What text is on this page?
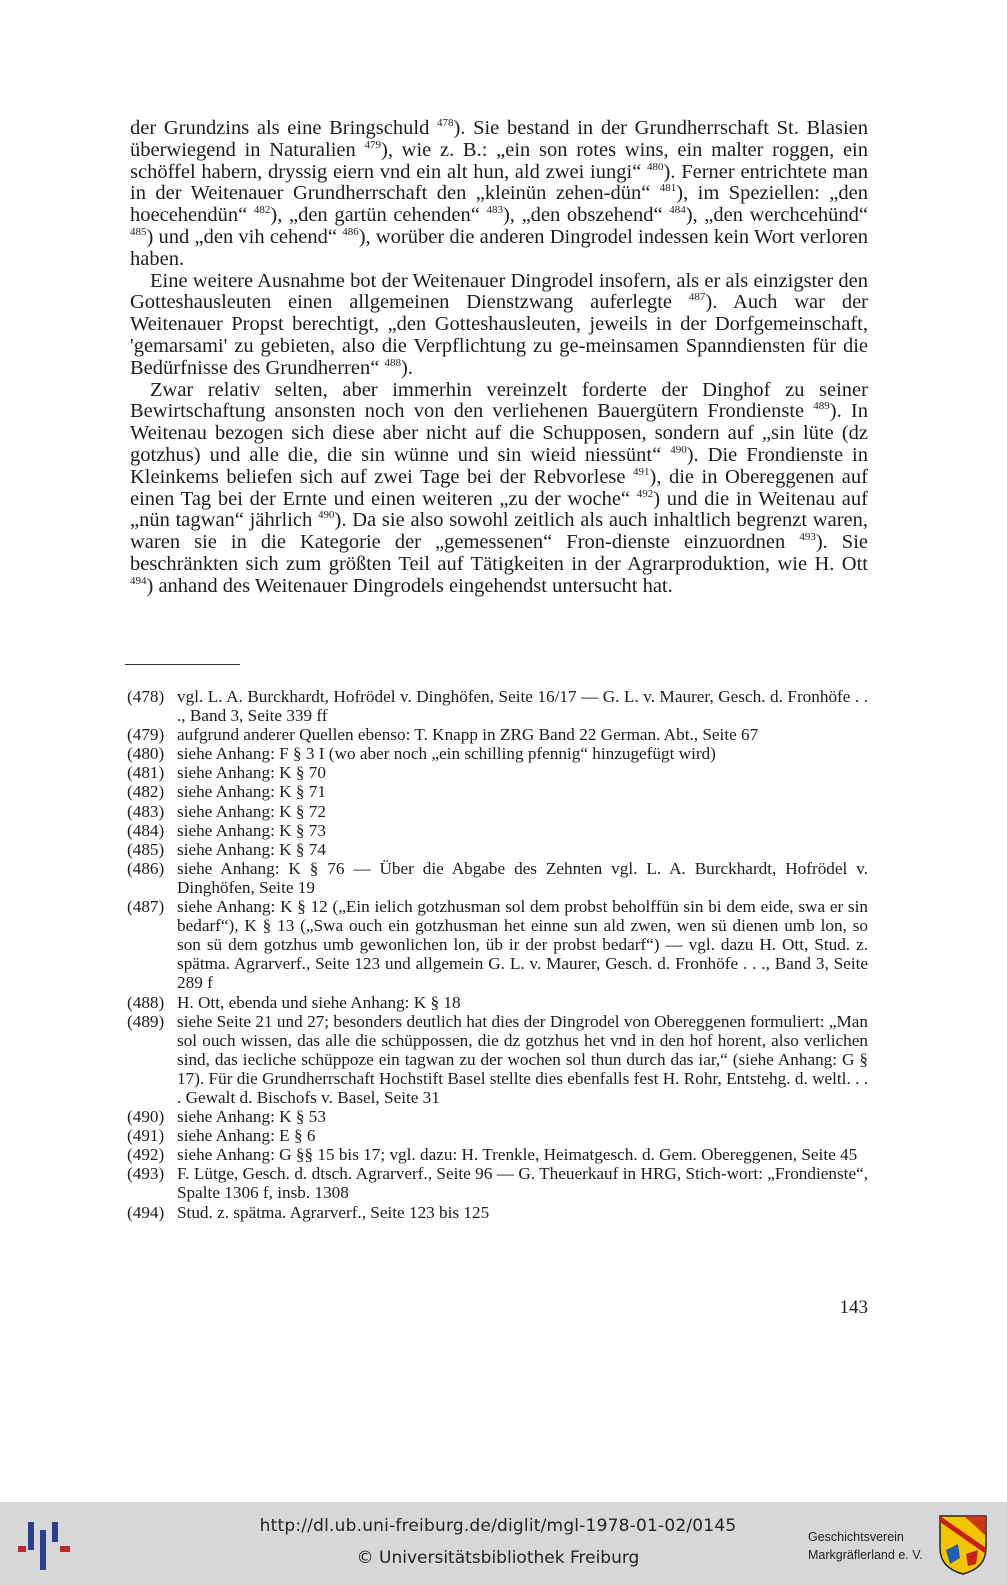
der Grundzins als eine Bringschuld $^{478}$). Sie bestand in der Grundherrschaft St. Blasien überwiegend in Naturalien $^{479}$), wie z. B.: „ein son rotes wins, ein malter roggen, ein schöffel habern, dryssig eiern vnd ein alt hun, ald zwei iungi“ $^{480}$). Ferner entrichtete man in der Weitenauer Grundherrschaft den „kleinün zehen-dün“ $^{481}$), im Speziellen: „den hoecehendün“ $^{482}$), „den gartün cehenden“ $^{483}$), „den obszehend“ $^{484}$), „den werchcehünd“ $^{485}$) und „den vih cehend“ $^{486}$), worüber die anderen Dingrodel indessen kein Wort verloren haben.

Eine weitere Ausnahme bot der Weitenauer Dingrodel insofern, als er als einzigster den Gotteshausleuten einen allgemeinen Dienstzwang auferlegte $^{487}$). Auch war der Weitenauer Propst berechtigt, „den Gotteshausleuten, jeweils in der Dorfgemeinschaft, 'gemarsami' zu gebieten, also die Verpflichtung zu ge-meinsamen Spanndiensten für die Bedürfnisse des Grundherren“ $^{488}$).

Zwar relativ selten, aber immerhin vereinzelt forderte der Dinghof zu seiner Bewirtschaftung ansonsten noch von den verliehenen Bauergütern Frondienste $^{489}$). In Weitenau bezogen sich diese aber nicht auf die Schupposen, sondern auf „sin lüte (dz gotzhus) und alle die, die sin wünne und sin wieid niessünt“ $^{490}$). Die Frondienste in Kleinkems beliefen sich auf zwei Tage bei der Rebvorlese $^{491}$), die in Obereggenen auf einen Tag bei der Ernte und einen weiteren „zu der woche“ $^{492}$) und die in Weitenau auf „nün tagwan“ jährlich $^{490}$). Da sie also sowohl zeitlich als auch inhaltlich begrenzt waren, waren sie in die Kategorie der „gemessenen“ Fron-dienste einzuordnen $^{493}$). Sie beschränkten sich zum größten Teil auf Tätigkeiten in der Agrarproduktion, wie H. Ott $^{494}$) anhand des Weitenauer Dingrodels eingehendst untersucht hat.

(478) vgl. L. A. Burckhardt, Hofrödel v. Dinghöfen, Seite 16/17 — G. L. v. Maurer, Gesch. d. Fronhöfe . . ., Band 3, Seite 339 ff
(479) aufgrund anderer Quellen ebenso: T. Knapp in ZRG Band 22 German. Abt., Seite 67
(480) siehe Anhang: F § 3 I (wo aber noch „ein schilling pfennig“ hinzugefügt wird)
(481) siehe Anhang: K § 70
(482) siehe Anhang: K § 71
(483) siehe Anhang: K § 72
(484) siehe Anhang: K § 73
(485) siehe Anhang: K § 74
(486) siehe Anhang: K § 76 — Über die Abgabe des Zehnten vgl. L. A. Burckhardt, Hofrödel v. Dinghöfen, Seite 19
(487) siehe Anhang: K § 12 („Ein ielich gotzhusman sol dem probst beholffün sin bi dem eide, swa er sin bedarf“), K § 13 („Swa ouch ein gotzhusman het einne sun ald zwen, wen sü dienen umb lon, so son sü dem gotzhus umb gewonlichen lon, üb ir der probst bedarf“) — vgl. dazu H. Ott, Stud. z. spätma. Agrarverf., Seite 123 und allgemein G. L. v. Maurer, Gesch. d. Fronhöfe . . ., Band 3, Seite 289 f
(488) H. Ott, ebenda und siehe Anhang: K § 18
(489) siehe Seite 21 und 27; besonders deutlich hat dies der Dingrodel von Obereggenen formuliert: „Man sol ouch wissen, das alle die schüppossen, die dz gotzhus het vnd in den hof horent, also verlichen sind, das iecliche schüppoze ein tagwan zu der wochen sol thun durch das iar,“ (siehe Anhang: G § 17). Für die Grundherrschaft Hochstift Basel stellte dies ebenfalls fest H. Rohr, Entstehg. d. weltl. . . . Gewalt d. Bischofs v. Basel, Seite 31
(490) siehe Anhang: K § 53
(491) siehe Anhang: E § 6
(492) siehe Anhang: G §§ 15 bis 17; vgl. dazu: H. Trenkle, Heimatgesch. d. Gem. Obereggenen, Seite 45
(493) F. Lütge, Gesch. d. dtsch. Agrarverf., Seite 96 — G. Theuerkauf in HRG, Stich-wort: „Frondienste“, Spalte 1306 f, insb. 1308
(494) Stud. z. spätma. Agrarverf., Seite 123 bis 125
143
http://dl.ub.uni-freiburg.de/diglit/mgl-1978-01-02/0145
© Universitätsbibliothek Freiburg
Geschichtsverein
Markgräflerland e. V.
